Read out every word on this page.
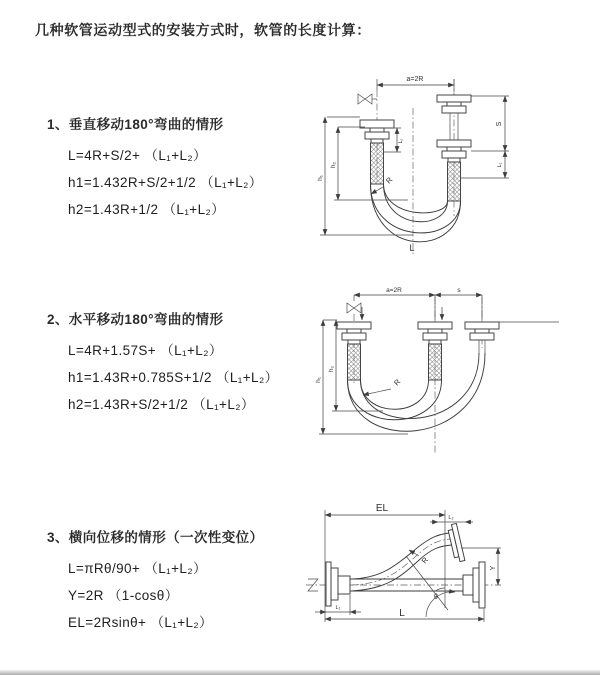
几种软管运动型式的安装方式时，软管的长度计算：
1、垂直移动180°弯曲的情形
L=4R+S/2+ （L₁+L₂）
h1=1.432R+S/2+1/2 （L₁+L₂）
h2=1.43R+1/2 （L₁+L₂）
2、水平移动180°弯曲的情形
L=4R+1.57S+ （L₁+L₂）
h1=1.43R+0.785S+1/2 （L₁+L₂）
h2=1.43R+S/2+1/2 （L₁+L₂）
3、横向位移的情形（一次性变位）
L=πRθ/90+ （L₁+L₂）
Y=2R （1-cosθ）
EL=2Rsinθ+ （L₁+L₂）
a=2R
h₁
h₂
L₂
S
L₁
R
L
a=2R	s
h₁
h₂
R
EL
L₂
Y
L
L₁
θ
R
